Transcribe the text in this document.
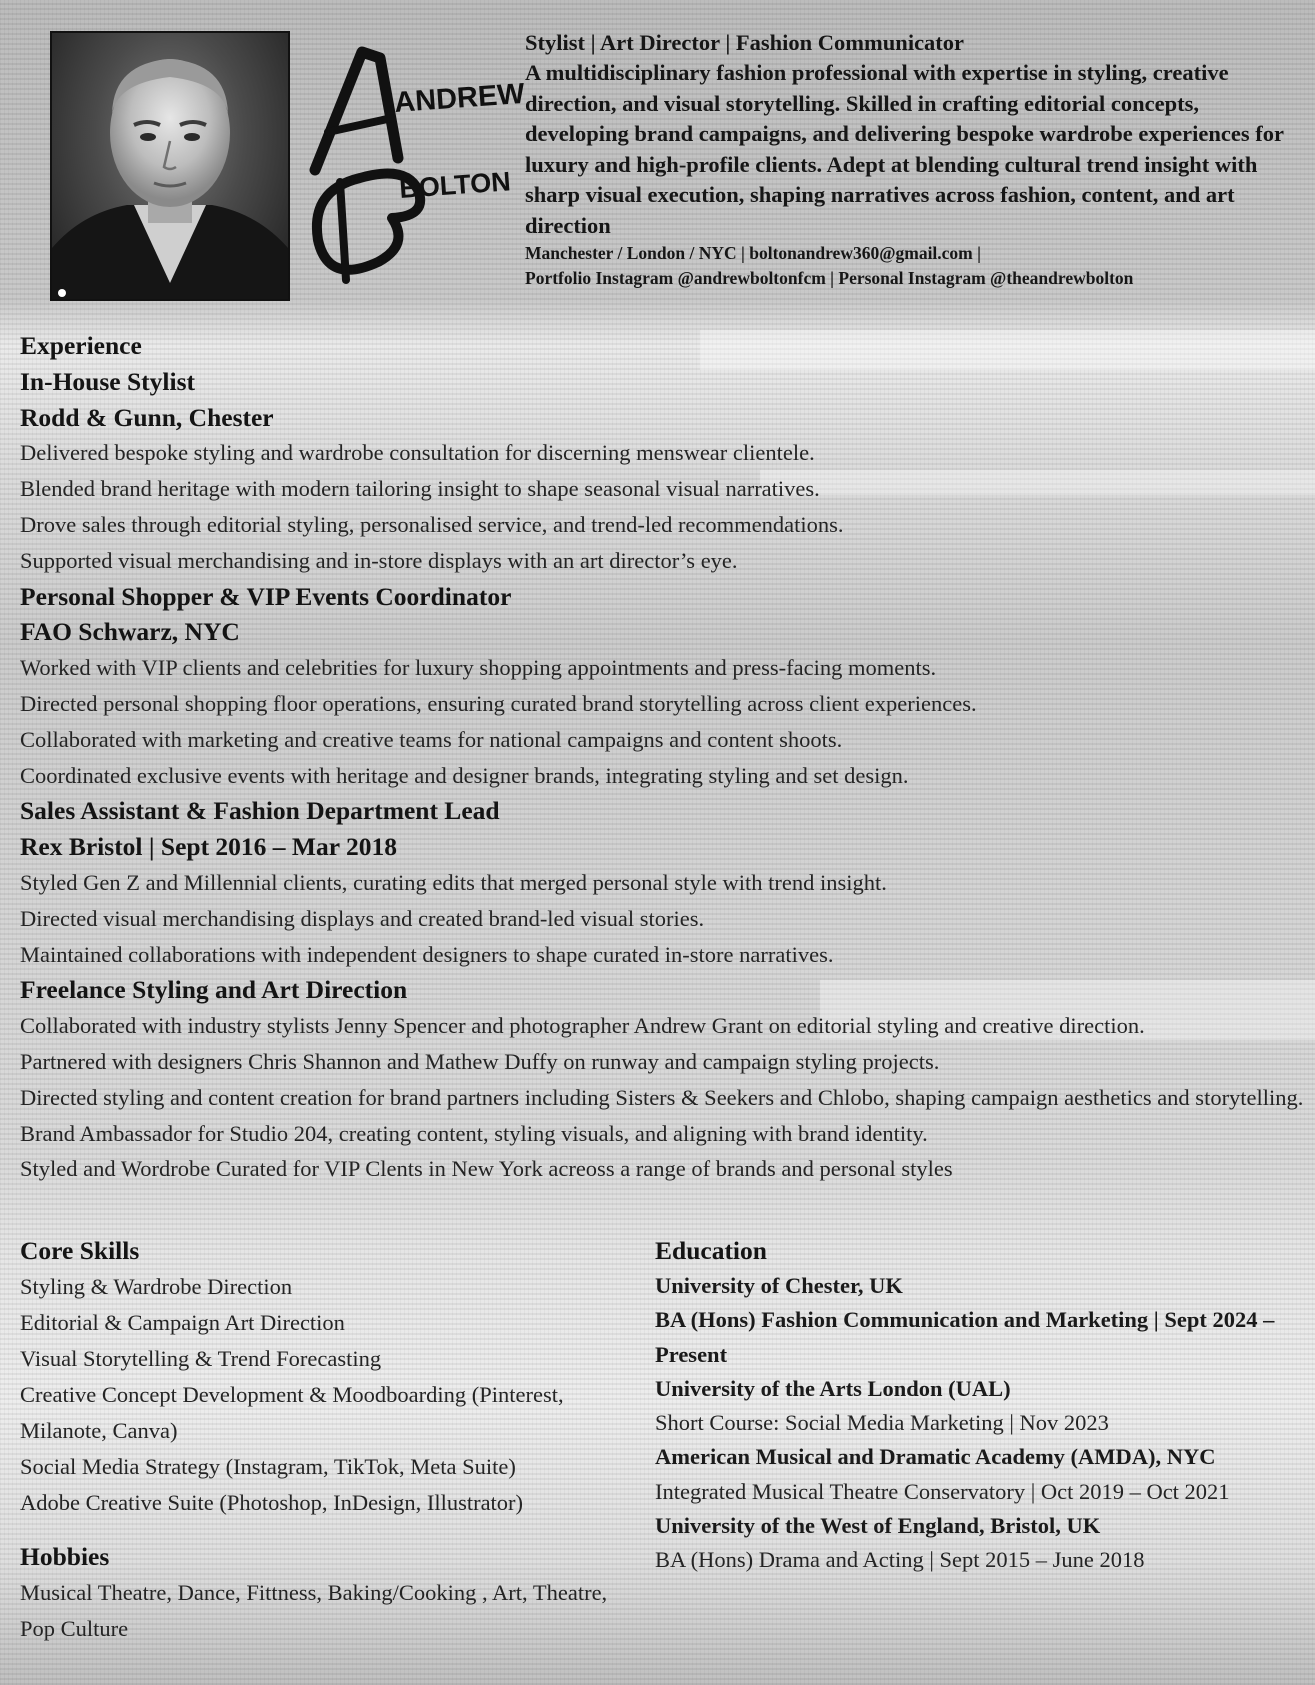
ANDREW
BOLTON

Stylist | Art Director | Fashion Communicator

A multidisciplinary fashion professional with expertise in styling, creative direction, and visual storytelling. Skilled in crafting editorial concepts, developing brand campaigns, and delivering bespoke wardrobe experiences for luxury and high-profile clients. Adept at blending cultural trend insight with sharp visual execution, shaping narratives across fashion, content, and art direction

Manchester / London / NYC | boltonandrew360@gmail.com |

Portfolio Instagram @andrewboltonfcm | Personal Instagram @theandrewbolton

Experience

In-House Stylist

Rodd & Gunn, Chester

Delivered bespoke styling and wardrobe consultation for discerning menswear clientele.

Blended brand heritage with modern tailoring insight to shape seasonal visual narratives.

Drove sales through editorial styling, personalised service, and trend-led recommendations.

Supported visual merchandising and in-store displays with an art director’s eye.

Personal Shopper & VIP Events Coordinator

FAO Schwarz, NYC

Worked with VIP clients and celebrities for luxury shopping appointments and press-facing moments.

Directed personal shopping floor operations, ensuring curated brand storytelling across client experiences.

Collaborated with marketing and creative teams for national campaigns and content shoots.

Coordinated exclusive events with heritage and designer brands, integrating styling and set design.

Sales Assistant & Fashion Department Lead

Rex Bristol | Sept 2016 – Mar 2018

Styled Gen Z and Millennial clients, curating edits that merged personal style with trend insight.

Directed visual merchandising displays and created brand-led visual stories.

Maintained collaborations with independent designers to shape curated in-store narratives.

Freelance Styling and Art Direction

Collaborated with industry stylists Jenny Spencer and photographer Andrew Grant on editorial styling and creative direction.

Partnered with designers Chris Shannon and Mathew Duffy on runway and campaign styling projects.

Directed styling and content creation for brand partners including Sisters & Seekers and Chlobo, shaping campaign aesthetics and storytelling.

Brand Ambassador for Studio 204, creating content, styling visuals, and aligning with brand identity.

Styled and Wordrobe Curated for VIP Clents in New York acreoss a range of brands and personal styles

Core Skills

Styling & Wardrobe Direction

Editorial & Campaign Art Direction

Visual Storytelling & Trend Forecasting

Creative Concept Development & Moodboarding (Pinterest, Milanote, Canva)

Social Media Strategy (Instagram, TikTok, Meta Suite)

Adobe Creative Suite (Photoshop, InDesign, Illustrator)

Hobbies

Musical Theatre, Dance, Fittness, Baking/Cooking , Art, Theatre, Pop Culture

Education

University of Chester, UK

BA (Hons) Fashion Communication and Marketing | Sept 2024 – Present

University of the Arts London (UAL)

Short Course: Social Media Marketing | Nov 2023

American Musical and Dramatic Academy (AMDA), NYC

Integrated Musical Theatre Conservatory | Oct 2019 – Oct 2021

University of the West of England, Bristol, UK

BA (Hons) Drama and Acting | Sept 2015 – June 2018
